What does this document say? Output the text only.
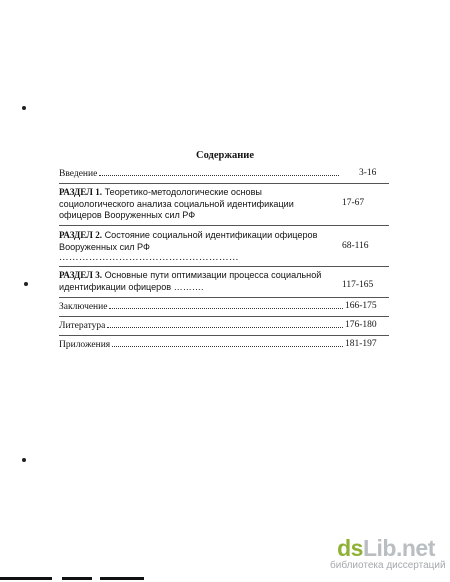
Содержание
Введение	3-16
РАЗДЕЛ 1. Теоретико-методологические основы
социологического анализа социальной идентификации
офицеров Вооруженных сил РФ
17-67
РАЗДЕЛ 2. Состояние социальной идентификации офицеров
Вооруженных сил РФ
………………………………………………
68-116
РАЗДЕЛ 3. Основные пути оптимизации процесса социальной
идентификации офицеров ……….	117-165
Заключение	166-175
Литература	176-180
Приложения	181-197
dsLib.net
библиотека диссертаций
